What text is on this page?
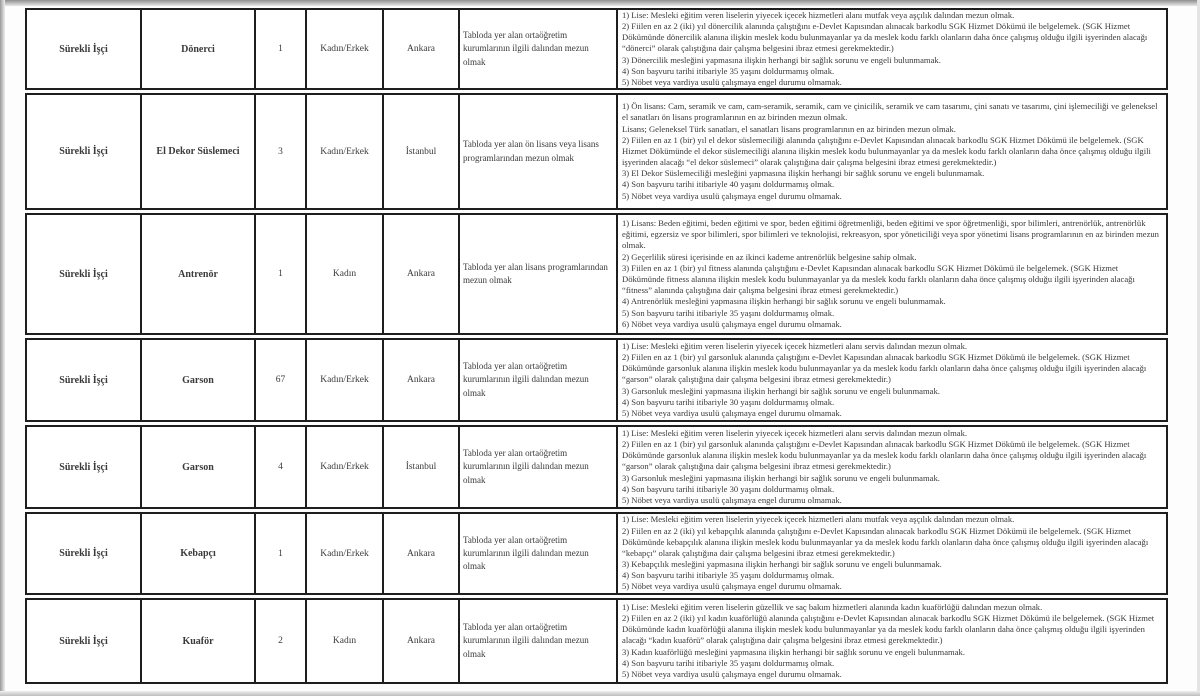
Sürekli İşçi	Dönerci	1	Kadın/Erkek	Ankara
Tabloda yer alan ortaöğretim kurumlarının ilgili dalından mezun olmak
1) Lise: Mesleki eğitim veren liselerin yiyecek içecek hizmetleri alanı mutfak veya aşçılık dalından mezun olmak.
2) Fiilen en az 2 (iki) yıl dönercilik alanında çalıştığını e-Devlet Kapısından alınacak barkodlu SGK Hizmet Dökümü ile belgelemek. (SGK Hizmet Dökümünde dönercilik alanına ilişkin meslek kodu bulunmayanlar ya da meslek kodu farklı olanların daha önce çalışmış olduğu ilgili işyerinden alacağı “dönerci” olarak çalıştığına dair çalışma belgesini ibraz etmesi gerekmektedir.)
3) Dönercilik mesleğini yapmasına ilişkin herhangi bir sağlık sorunu ve engeli bulunmamak.
4) Son başvuru tarihi itibariyle 35 yaşını doldurmamış olmak.
5) Nöbet veya vardiya usulü çalışmaya engel durumu olmamak.
Sürekli İşçi	El Dekor Süslemeci	3	Kadın/Erkek	İstanbul
Tabloda yer alan ön lisans veya lisans programlarından mezun olmak
1) Ön lisans: Cam, seramik ve cam, cam-seramik, seramik, cam ve çinicilik, seramik ve cam tasarımı, çini sanatı ve tasarımı, çini işlemeciliği ve geleneksel el sanatları ön lisans programlarının en az birinden mezun olmak.
Lisans; Geleneksel Türk sanatları, el sanatları lisans programlarının en az birinden mezun olmak.
2) Fiilen en az 1 (bir) yıl el dekor süslemeciliği alanında çalıştığını e-Devlet Kapısından alınacak barkodlu SGK Hizmet Dökümü ile belgelemek. (SGK Hizmet Dökümünde el dekor süslemeciliği alanına ilişkin meslek kodu bulunmayanlar ya da meslek kodu farklı olanların daha önce çalışmış olduğu ilgili işyerinden alacağı “el dekor süslemeci” olarak çalıştığına dair çalışma belgesini ibraz etmesi gerekmektedir.)
3) El Dekor Süslemeciliği mesleğini yapmasına ilişkin herhangi bir sağlık sorunu ve engeli bulunmamak.
4) Son başvuru tarihi itibariyle 40 yaşını doldurmamış olmak.
5) Nöbet veya vardiya usulü çalışmaya engel durumu olmamak.
Sürekli İşçi	Antrenör	1	Kadın	Ankara
Tabloda yer alan lisans programlarından mezun olmak
1) Lisans: Beden eğitimi, beden eğitimi ve spor, beden eğitimi öğretmenliği, beden eğitimi ve spor öğretmenliği, spor bilimleri, antrenörlük, antrenörlük eğitimi, egzersiz ve spor bilimleri, spor bilimleri ve teknolojisi, rekreasyon, spor yöneticiliği veya spor yönetimi lisans programlarının en az birinden mezun olmak.
2) Geçerlilik süresi içerisinde en az ikinci kademe antrenörlük belgesine sahip olmak.
3) Fiilen en az 1 (bir) yıl fitness alanında çalıştığını e-Devlet Kapısından alınacak barkodlu SGK Hizmet Dökümü ile belgelemek. (SGK Hizmet Dökümünde fitness alanına ilişkin meslek kodu bulunmayanlar ya da meslek kodu farklı olanların daha önce çalışmış olduğu ilgili işyerinden alacağı “fitness” alanında çalıştığına dair çalışma belgesini ibraz etmesi gerekmektedir.)
4) Antrenörlük mesleğini yapmasına ilişkin herhangi bir sağlık sorunu ve engeli bulunmamak.
5) Son başvuru tarihi itibariyle 35 yaşını doldurmamış olmak.
6) Nöbet veya vardiya usulü çalışmaya engel durumu olmamak.
Sürekli İşçi	Garson	67	Kadın/Erkek	Ankara
Tabloda yer alan ortaöğretim kurumlarının ilgili dalından mezun olmak
1) Lise: Mesleki eğitim veren liselerin yiyecek içecek hizmetleri alanı servis dalından mezun olmak.
2) Fiilen en az 1 (bir) yıl garsonluk alanında çalıştığını e-Devlet Kapısından alınacak barkodlu SGK Hizmet Dökümü ile belgelemek. (SGK Hizmet Dökümünde garsonluk alanına ilişkin meslek kodu bulunmayanlar ya da meslek kodu farklı olanların daha önce çalışmış olduğu ilgili işyerinden alacağı “garson” olarak çalıştığına dair çalışma belgesini ibraz etmesi gerekmektedir.)
3) Garsonluk mesleğini yapmasına ilişkin herhangi bir sağlık sorunu ve engeli bulunmamak.
4) Son başvuru tarihi itibariyle 30 yaşını doldurmamış olmak.
5) Nöbet veya vardiya usulü çalışmaya engel durumu olmamak.
Sürekli İşçi	Garson	4	Kadın/Erkek	İstanbul
Tabloda yer alan ortaöğretim kurumlarının ilgili dalından mezun olmak
1) Lise: Mesleki eğitim veren liselerin yiyecek içecek hizmetleri alanı servis dalından mezun olmak.
2) Fiilen en az 1 (bir) yıl garsonluk alanında çalıştığını e-Devlet Kapısından alınacak barkodlu SGK Hizmet Dökümü ile belgelemek. (SGK Hizmet Dökümünde garsonluk alanına ilişkin meslek kodu bulunmayanlar ya da meslek kodu farklı olanların daha önce çalışmış olduğu ilgili işyerinden alacağı “garson” olarak çalıştığına dair çalışma belgesini ibraz etmesi gerekmektedir.)
3) Garsonluk mesleğini yapmasına ilişkin herhangi bir sağlık sorunu ve engeli bulunmamak.
4) Son başvuru tarihi itibariyle 30 yaşını doldurmamış olmak.
5) Nöbet veya vardiya usulü çalışmaya engel durumu olmamak.
Sürekli İşçi	Kebapçı	1	Kadın/Erkek	Ankara
Tabloda yer alan ortaöğretim kurumlarının ilgili dalından mezun olmak
1) Lise: Mesleki eğitim veren liselerin yiyecek içecek hizmetleri alanı mutfak veya aşçılık dalından mezun olmak.
2) Fiilen en az 2 (iki) yıl kebapçılık alanında çalıştığını e-Devlet Kapısından alınacak barkodlu SGK Hizmet Dökümü ile belgelemek. (SGK Hizmet Dökümünde kebapçılık alanına ilişkin meslek kodu bulunmayanlar ya da meslek kodu farklı olanların daha önce çalışmış olduğu ilgili işyerinden alacağı “kebapçı” olarak çalıştığına dair çalışma belgesini ibraz etmesi gerekmektedir.)
3) Kebapçılık mesleğini yapmasına ilişkin herhangi bir sağlık sorunu ve engeli bulunmamak.
4) Son başvuru tarihi itibariyle 35 yaşını doldurmamış olmak.
5) Nöbet veya vardiya usulü çalışmaya engel durumu olmamak.
Sürekli İşçi	Kuaför	2	Kadın	Ankara
Tabloda yer alan ortaöğretim kurumlarının ilgili dalından mezun olmak
1) Lise: Mesleki eğitim veren liselerin güzellik ve saç bakım hizmetleri alanında kadın kuaförlüğü dalından mezun olmak.
2) Fiilen en az 2 (iki) yıl kadın kuaförlüğü alanında çalıştığını e-Devlet Kapısından alınacak barkodlu SGK Hizmet Dökümü ile belgelemek. (SGK Hizmet Dökümünde kadın kuaförlüğü alanına ilişkin meslek kodu bulunmayanlar ya da meslek kodu farklı olanların daha önce çalışmış olduğu ilgili işyerinden alacağı “kadın kuaförü” olarak çalıştığına dair çalışma belgesini ibraz etmesi gerekmektedir.)
3) Kadın kuaförlüğü mesleğini yapmasına ilişkin herhangi bir sağlık sorunu ve engeli bulunmamak.
4) Son başvuru tarihi itibariyle 35 yaşını doldurmamış olmak.
5) Nöbet veya vardiya usulü çalışmaya engel durumu olmamak.
